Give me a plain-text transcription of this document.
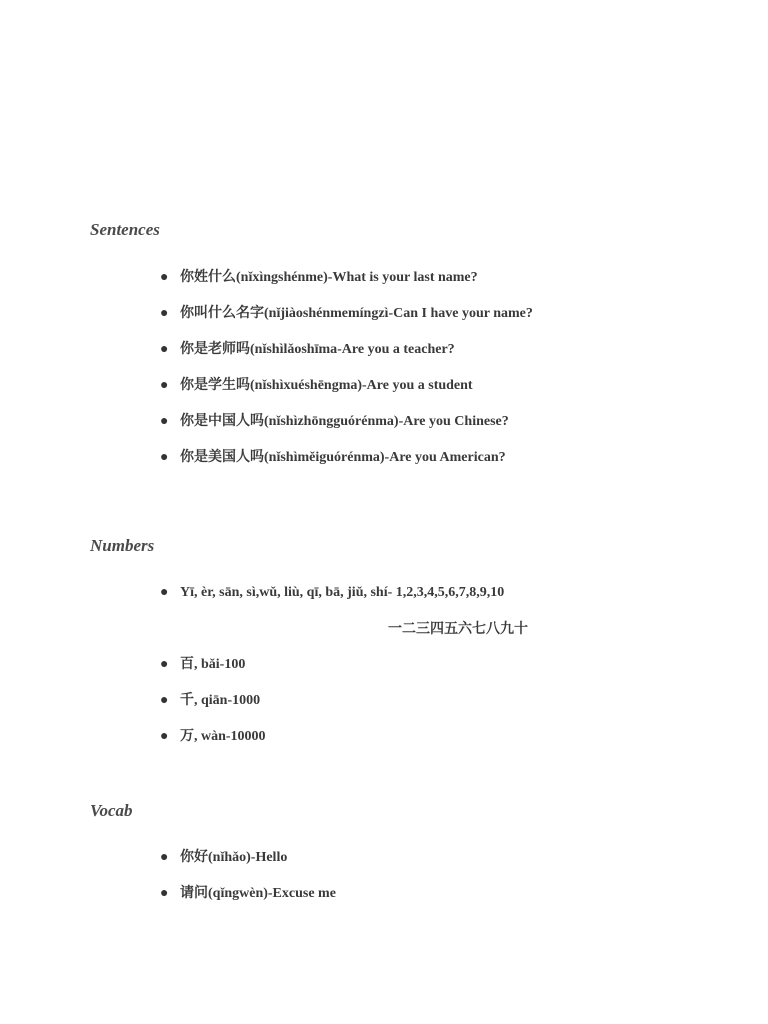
Sentences
● 你姓什么(nǐxìngshénme)-What is your last name?
● 你叫什么名字(nǐjiàoshénmemíngzì-Can I have your name?
● 你是老师吗(nǐshìlǎoshīma-Are you a teacher?
● 你是学生吗(nǐshìxuéshēngma)-Are you a student
● 你是中国人吗(nǐshìzhōngguórénma)-Are you Chinese?
● 你是美国人吗(nǐshìměiguórénma)-Are you American?
Numbers
● Yī, èr, sān, sì,wǔ, liù, qī, bā, jiǔ, shí- 1,2,3,4,5,6,7,8,9,10

一二三四五六七八九十

● 百, bǎi-100
● 千, qiān-1000
● 万, wàn-10000
Vocab
● 你好(nǐhǎo)-Hello
● 请问(qǐngwèn)-Excuse me
